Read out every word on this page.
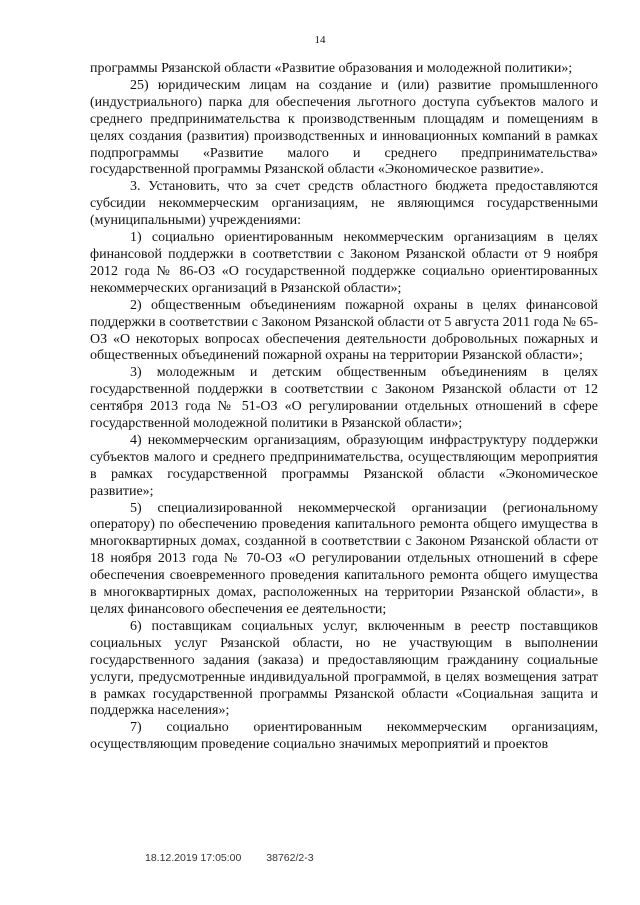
14

программы Рязанской области «Развитие образования и молодежной политики»;

25) юридическим лицам на создание и (или) развитие промышленного (индустриального) парка для обеспечения льготного доступа субъектов малого и среднего предпринимательства к производственным площадям и помещениям в целях создания (развития) производственных и инновационных компаний в рамках подпрограммы «Развитие малого и среднего предпринимательства» государственной программы Рязанской области «Экономическое развитие».

3. Установить, что за счет средств областного бюджета предоставляются субсидии некоммерческим организациям, не являющимся государственными (муниципальными) учреждениями:

1) социально ориентированным некоммерческим организациям в целях финансовой поддержки в соответствии с Законом Рязанской области от 9 ноября 2012 года № 86-ОЗ «О государственной поддержке социально ориентированных некоммерческих организаций в Рязанской области»;

2) общественным объединениям пожарной охраны в целях финансовой поддержки в соответствии с Законом Рязанской области от 5 августа 2011 года № 65-ОЗ «О некоторых вопросах обеспечения деятельности добровольных пожарных и общественных объединений пожарной охраны на территории Рязанской области»;

3) молодежным и детским общественным объединениям в целях государственной поддержки в соответствии с Законом Рязанской области от 12 сентября 2013 года № 51-ОЗ «О регулировании отдельных отношений в сфере государственной молодежной политики в Рязанской области»;

4) некоммерческим организациям, образующим инфраструктуру поддержки субъектов малого и среднего предпринимательства, осуществляющим мероприятия в рамках государственной программы Рязанской области «Экономическое развитие»;

5) специализированной некоммерческой организации (региональному оператору) по обеспечению проведения капитального ремонта общего имущества в многоквартирных домах, созданной в соответствии с Законом Рязанской области от 18 ноября 2013 года № 70-ОЗ «О регулировании отдельных отношений в сфере обеспечения своевременного проведения капитального ремонта общего имущества в многоквартирных домах, расположенных на территории Рязанской области», в целях финансового обеспечения ее деятельности;

6) поставщикам социальных услуг, включенным в реестр поставщиков социальных услуг Рязанской области, но не участвующим в выполнении государственного задания (заказа) и предоставляющим гражданину социальные услуги, предусмотренные индивидуальной программой, в целях возмещения затрат в рамках государственной программы Рязанской области «Социальная защита и поддержка населения»;

7) социально ориентированным некоммерческим организациям, осуществляющим проведение социально значимых мероприятий и проектов

18.12.2019 17:05:00 38762/2-3
